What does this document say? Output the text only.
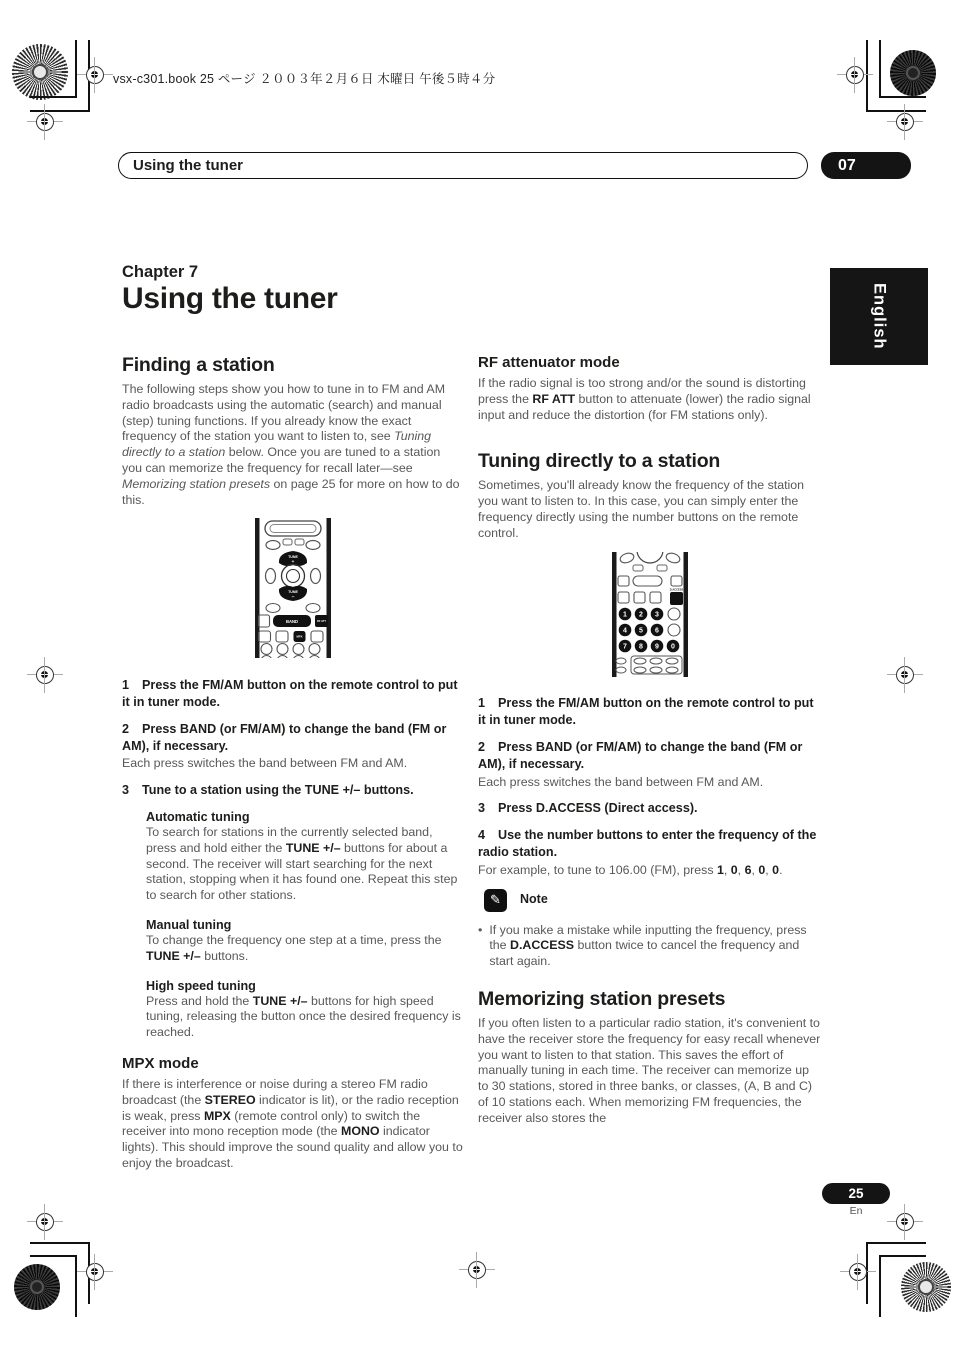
vsx-c301.book 25 ページ ２００３年２月６日 木曜日 午後５時４分
Using the tuner	07
English

Chapter 7

Using the tuner

Finding a station

The following steps show you how to tune in to FM and AM radio broadcasts using the automatic (search) and manual (step) tuning functions. If you already know the exact frequency of the station you want to listen to, see Tuning directly to a station below. Once you are tuned to a station you can memorize the frequency for recall later—see Memorizing station presets on page 25 for more on how to do this.

TUNE
+
TUNE
–
BAND	RF ATT
MPX

1 Press the FM/AM button on the remote control to put it in tuner mode.

2 Press BAND (or FM/AM) to change the band (FM or AM), if necessary.

Each press switches the band between FM and AM.

3 Tune to a station using the TUNE +/– buttons.

Automatic tuning

To search for stations in the currently selected band, press and hold either the TUNE +/– buttons for about a second. The receiver will start searching for the next station, stopping when it has found one. Repeat this step to search for other stations.

Manual tuning

To change the frequency one step at a time, press the TUNE +/– buttons.

High speed tuning

Press and hold the TUNE +/– buttons for high speed tuning, releasing the button once the desired frequency is reached.

MPX mode

If there is interference or noise during a stereo FM radio broadcast (the STEREO indicator is lit), or the radio reception is weak, press MPX (remote control only) to switch the receiver into mono reception mode (the MONO indicator lights). This should improve the sound quality and allow you to enjoy the broadcast.

RF attenuator mode

If the radio signal is too strong and/or the sound is distorting press the RF ATT button to attenuate (lower) the radio signal input and reduce the distortion (for FM stations only).

Tuning directly to a station

Sometimes, you'll already know the frequency of the station you want to listen to. In this case, you can simply enter the frequency directly using the number buttons on the remote control.

D.ACCESS
1 2 3
4 5 6
7 8 9 0

1 Press the FM/AM button on the remote control to put it in tuner mode.

2 Press BAND (or FM/AM) to change the band (FM or AM), if necessary.

Each press switches the band between FM and AM.

3 Press D.ACCESS (Direct access).

4 Use the number buttons to enter the frequency of the radio station.

For example, to tune to 106.00 (FM), press 1, 0, 6, 0, 0.

✎ Note
• If you make a mistake while inputting the frequency, press the D.ACCESS button twice to cancel the frequency and start again.

Memorizing station presets

If you often listen to a particular radio station, it's convenient to have the receiver store the frequency for easy recall whenever you want to listen to that station. This saves the effort of manually tuning in each time. The receiver can memorize up to 30 stations, stored in three banks, or classes, (A, B and C) of 10 stations each. When memorizing FM frequencies, the receiver also stores the

25
En
